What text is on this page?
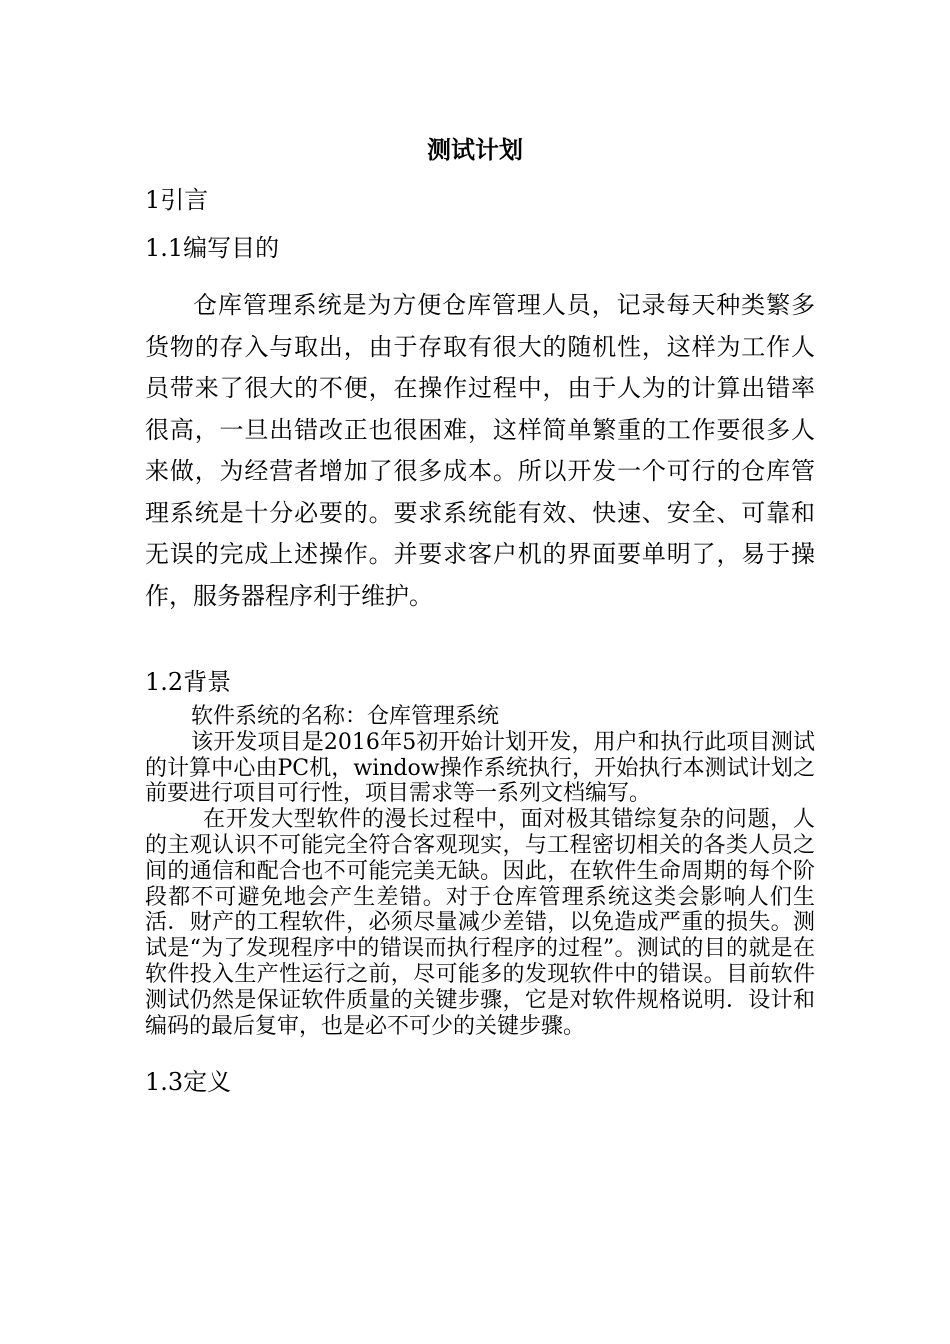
测试计划
1引言
1.1编写目的

仓库管理系统是为方便仓库管理人员，记录每天种类繁多货物的存入与取出，由于存取有很大的随机性，这样为工作人员带来了很大的不便，在操作过程中，由于人为的计算出错率很高，一旦出错改正也很困难，这样简单繁重的工作要很多人来做，为经营者增加了很多成本。所以开发一个可行的仓库管理系统是十分必要的。要求系统能有效、快速、安全、可靠和无误的完成上述操作。并要求客户机的界面要单明了，易于操作，服务器程序利于维护。

1.2背景

软件系统的名称：仓库管理系统

该开发项目是2016年5初开始计划开发，用户和执行此项目测试的计算中心由PC机，window操作系统执行，开始执行本测试计划之前要进行项目可行性，项目需求等一系列文档编写。

在开发大型软件的漫长过程中，面对极其错综复杂的问题，人的主观认识不可能完全符合客观现实，与工程密切相关的各类人员之间的通信和配合也不可能完美无缺。因此，在软件生命周期的每个阶段都不可避免地会产生差错。对于仓库管理系统这类会影响人们生活．财产的工程软件，必须尽量减少差错，以免造成严重的损失。测试是“为了发现程序中的错误而执行程序的过程”。测试的目的就是在软件投入生产性运行之前，尽可能多的发现软件中的错误。目前软件测试仍然是保证软件质量的关键步骤，它是对软件规格说明．设计和编码的最后复审，也是必不可少的关键步骤。

1.3定义
